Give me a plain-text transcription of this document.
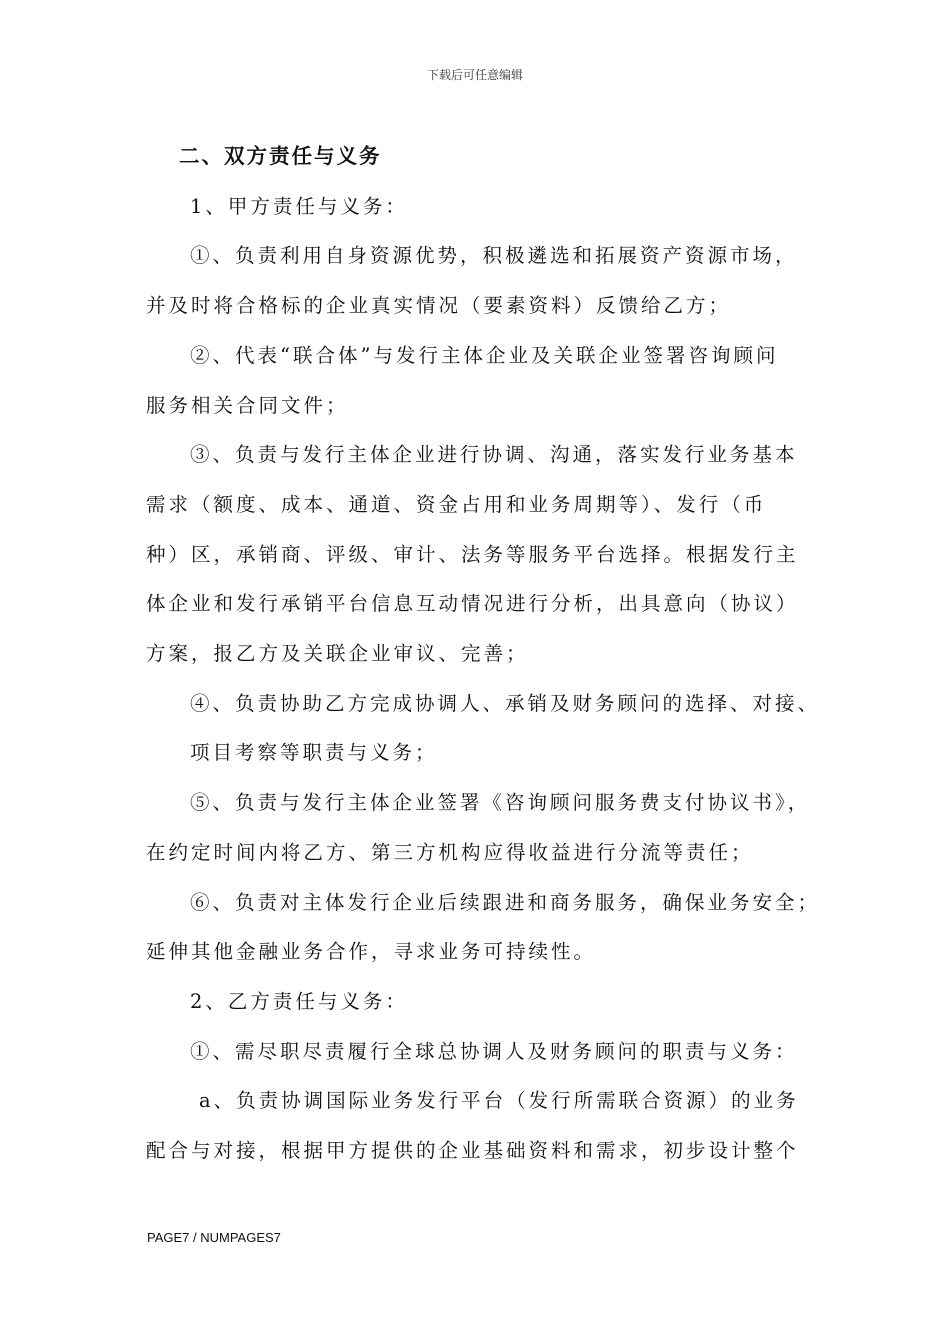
下载后可任意编辑

二、双方责任与义务

1、甲方责任与义务：

①、负责利用自身资源优势，积极遴选和拓展资产资源市场，

并及时将合格标的企业真实情况（要素资料）反馈给乙方；

②、代表“联合体”与发行主体企业及关联企业签署咨询顾问

服务相关合同文件；

③、负责与发行主体企业进行协调、沟通，落实发行业务基本

需求（额度、成本、通道、资金占用和业务周期等）、发行（币

种）区，承销商、评级、审计、法务等服务平台选择。根据发行主

体企业和发行承销平台信息互动情况进行分析，出具意向（协议）

方案，报乙方及关联企业审议、完善；

④、负责协助乙方完成协调人、承销及财务顾问的选择、对接、

项目考察等职责与义务；

⑤、负责与发行主体企业签署《咨询顾问服务费支付协议书》，

在约定时间内将乙方、第三方机构应得收益进行分流等责任；

⑥、负责对主体发行企业后续跟进和商务服务，确保业务安全；

延伸其他金融业务合作，寻求业务可持续性。

2、乙方责任与义务：

①、需尽职尽责履行全球总协调人及财务顾问的职责与义务：

a、负责协调国际业务发行平台（发行所需联合资源）的业务

配合与对接，根据甲方提供的企业基础资料和需求，初步设计整个

PAGE7 / NUMPAGES7
